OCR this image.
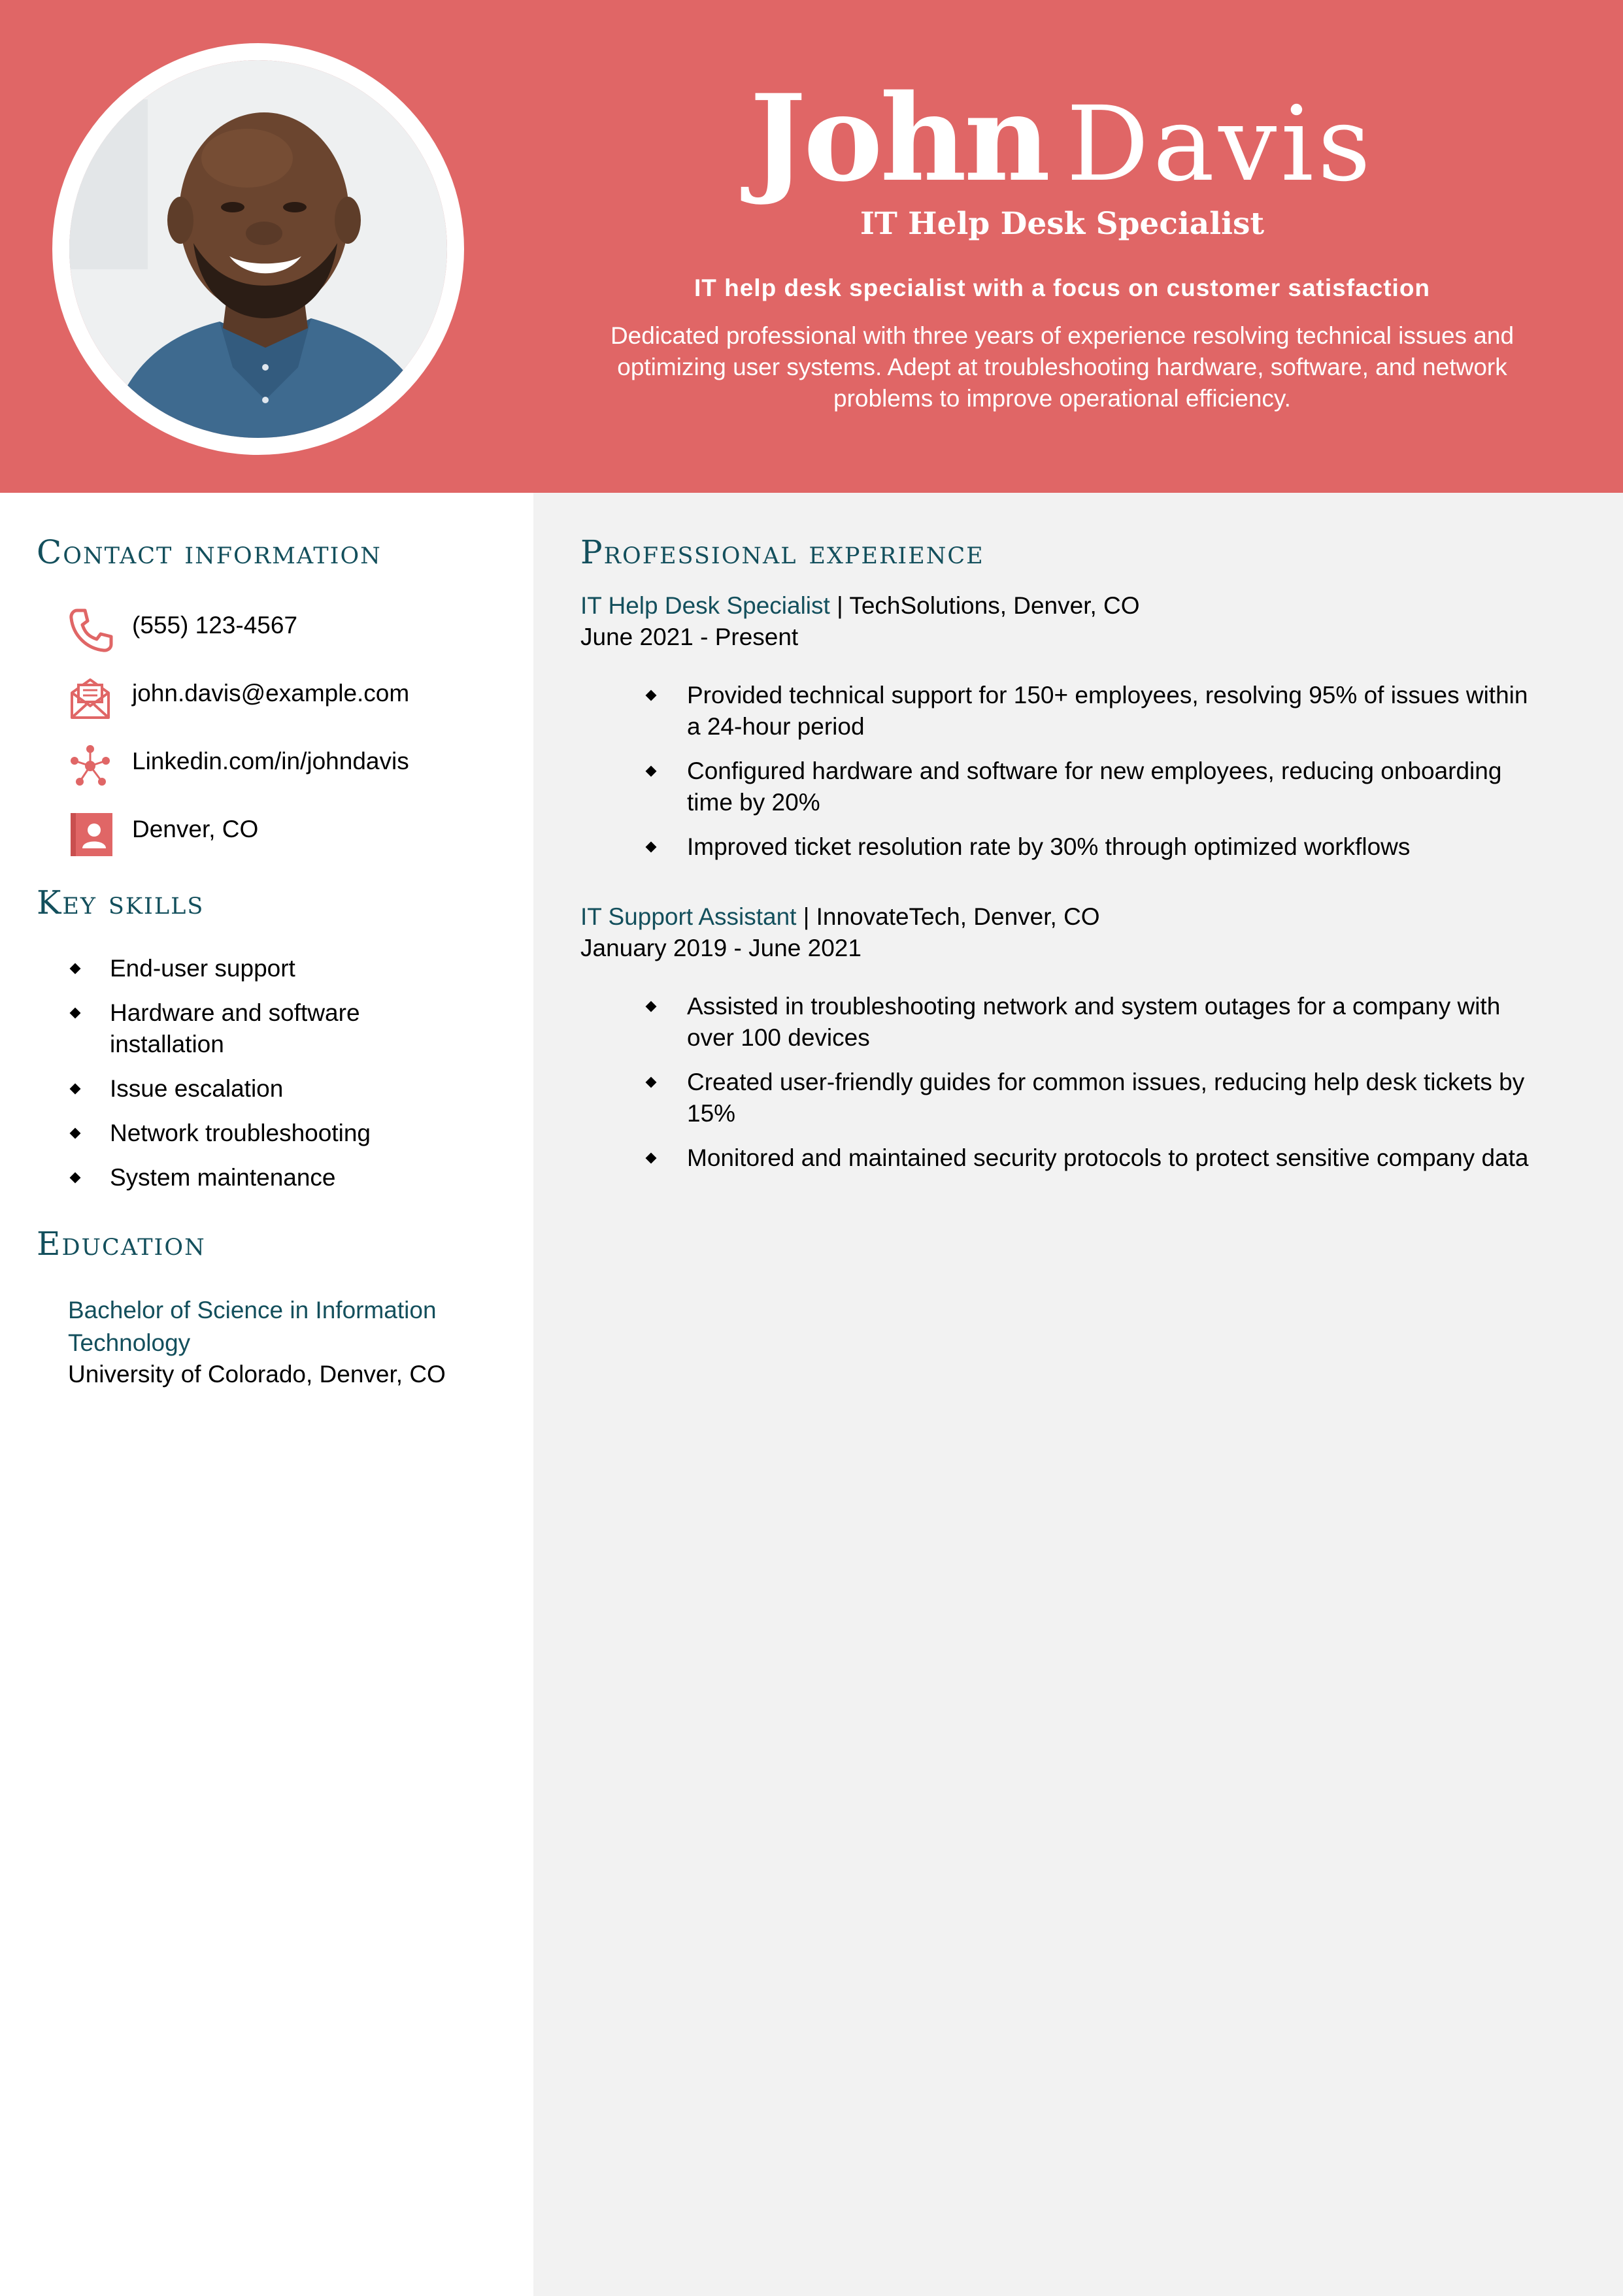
John Davis
IT Help Desk Specialist
IT help desk specialist with a focus on customer satisfaction
Dedicated professional with three years of experience resolving technical issues and optimizing user systems. Adept at troubleshooting hardware, software, and network problems to improve operational efficiency.
Contact information
(555) 123-4567
john.davis@example.com
Linkedin.com/in/johndavis
Denver, CO
Key skills
End-user support
Hardware and software installation
Issue escalation
Network troubleshooting
System maintenance
Education
Bachelor of Science in Information Technology
University of Colorado, Denver, CO
Professional experience
IT Help Desk Specialist | TechSolutions, Denver, CO
June 2021 - Present
Provided technical support for 150+ employees, resolving 95% of issues within a 24-hour period
Configured hardware and software for new employees, reducing onboarding time by 20%
Improved ticket resolution rate by 30% through optimized workflows
IT Support Assistant | InnovateTech, Denver, CO
January 2019 - June 2021
Assisted in troubleshooting network and system outages for a company with over 100 devices
Created user-friendly guides for common issues, reducing help desk tickets by 15%
Monitored and maintained security protocols to protect sensitive company data
